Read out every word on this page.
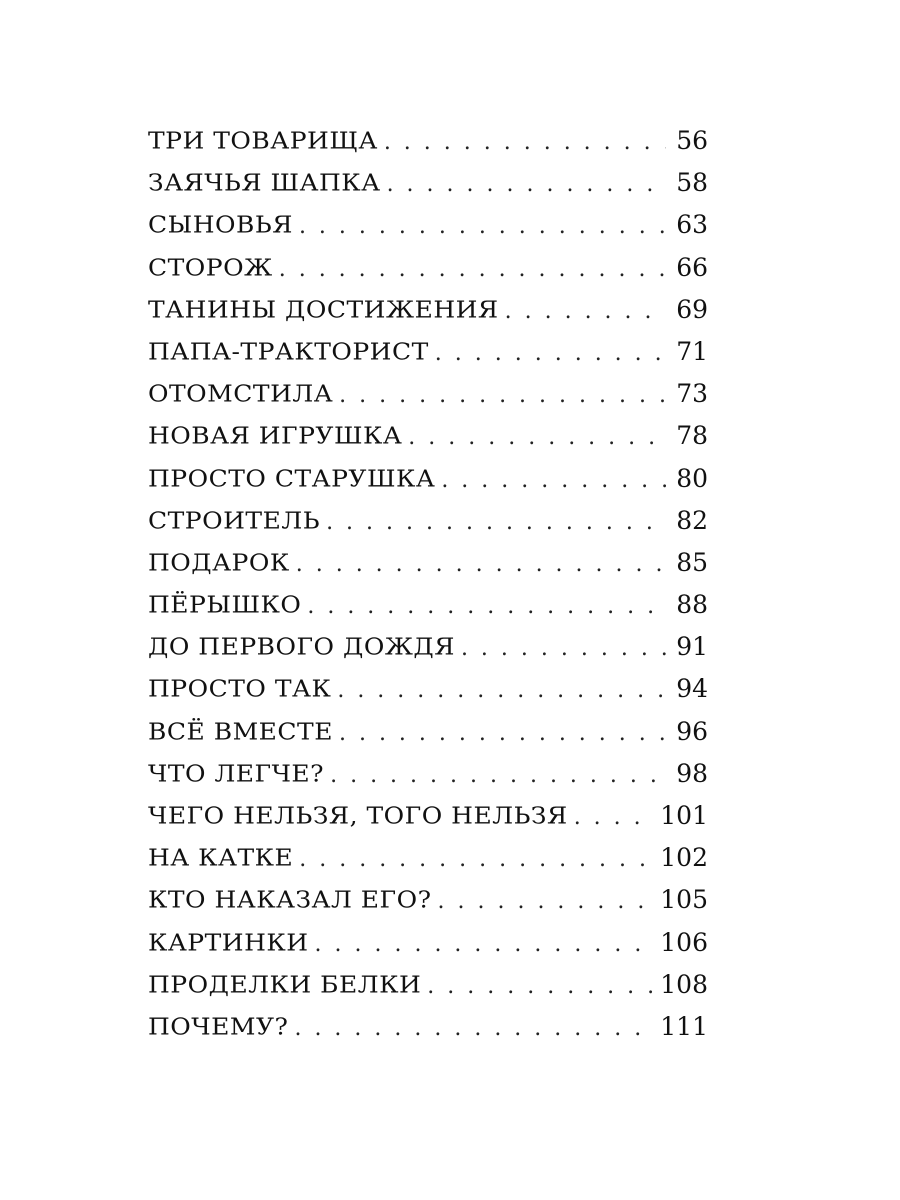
ТРИ ТОВАРИЩА . . .	56
ЗАЯЧЬЯ ШАПКА . . .	58
СЫНОВЬЯ . . .	63
СТОРОЖ . . .	66
ТАНИНЫ ДОСТИЖЕНИЯ . . .	69
ПАПА-ТРАКТОРИСТ . . .	71
ОТОМСТИЛА . . .	73
НОВАЯ ИГРУШКА . . .	78
ПРОСТО СТАРУШКА . . .	80
СТРОИТЕЛЬ . . .	82
ПОДАРОК . . .	85
ПЁРЫШКО . . .	88
ДО ПЕРВОГО ДОЖДЯ . . .	91
ПРОСТО ТАК . . .	94
ВСЁ ВМЕСТЕ . . .	96
ЧТО ЛЕГЧЕ? . . .	98
ЧЕГО НЕЛЬЗЯ, ТОГО НЕЛЬЗЯ . . .	101
НА КАТКЕ . . .	102
КТО НАКАЗАЛ ЕГО? . . .	105
КАРТИНКИ . . .	106
ПРОДЕЛКИ БЕЛКИ . . .	108
ПОЧЕМУ? . . .	111
